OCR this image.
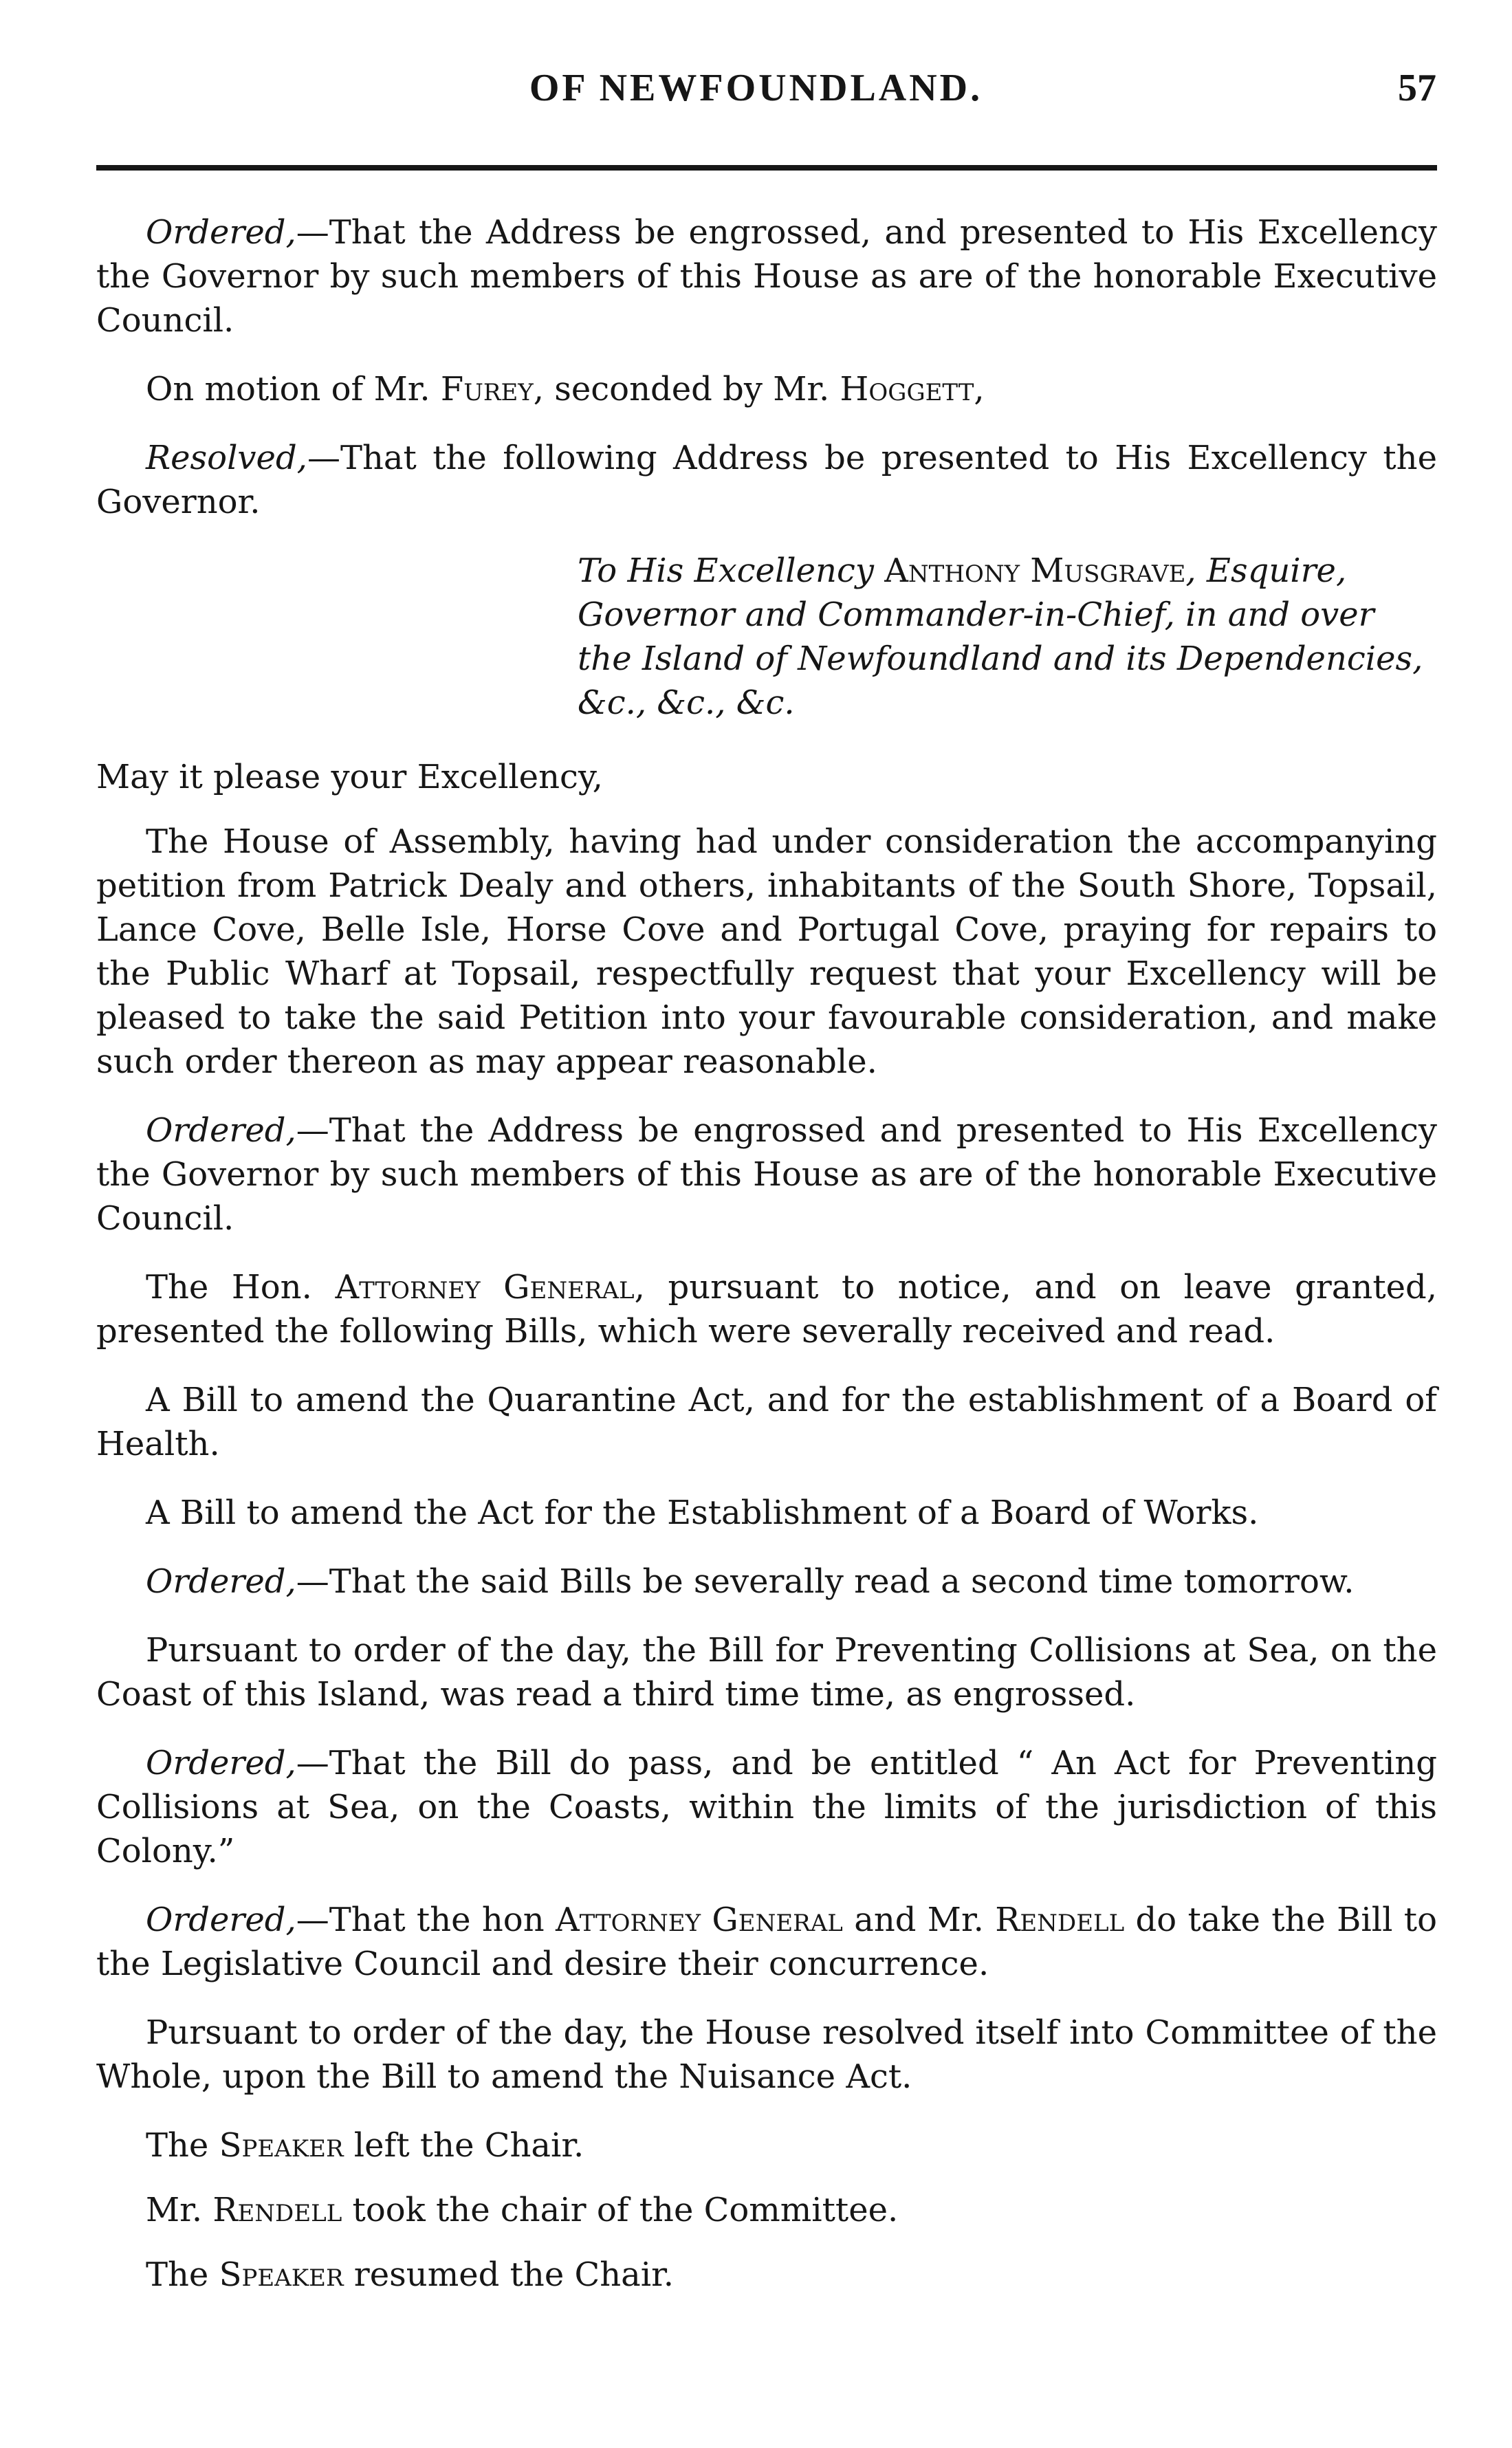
OF NEWFOUNDLAND.	57

Ordered,—That the Address be engrossed, and presented to His Excellency the Governor by such members of this House as are of the honorable Executive Council.

On motion of Mr. Furey, seconded by Mr. Hoggett,

Resolved,—That the following Address be presented to His Excellency the Governor.

To His Excellency Anthony Musgrave, Esquire, Governor and Commander-in-Chief, in and over the Island of Newfoundland and its Dependencies, &c., &c., &c.

May it please your Excellency,

The House of Assembly, having had under consideration the accompanying petition from Patrick Dealy and others, inhabitants of the South Shore, Topsail, Lance Cove, Belle Isle, Horse Cove and Portugal Cove, praying for repairs to the Public Wharf at Topsail, respectfully request that your Excellency will be pleased to take the said Petition into your favourable consideration, and make such order thereon as may appear reasonable.

Ordered,—That the Address be engrossed and presented to His Excellency the Governor by such members of this House as are of the honorable Executive Council.

The Hon. Attorney General, pursuant to notice, and on leave granted, presented the following Bills, which were severally received and read.

A Bill to amend the Quarantine Act, and for the establishment of a Board of Health.

A Bill to amend the Act for the Establishment of a Board of Works.

Ordered,—That the said Bills be severally read a second time tomorrow.

Pursuant to order of the day, the Bill for Preventing Collisions at Sea, on the Coast of this Island, was read a third time time, as engrossed.

Ordered,—That the Bill do pass, and be entitled “ An Act for Preventing Collisions at Sea, on the Coasts, within the limits of the jurisdiction of this Colony.”

Ordered,—That the hon Attorney General and Mr. Rendell do take the Bill to the Legislative Council and desire their concurrence.

Pursuant to order of the day, the House resolved itself into Committee of the Whole, upon the Bill to amend the Nuisance Act.

The Speaker left the Chair.

Mr. Rendell took the chair of the Committee.

The Speaker resumed the Chair.
